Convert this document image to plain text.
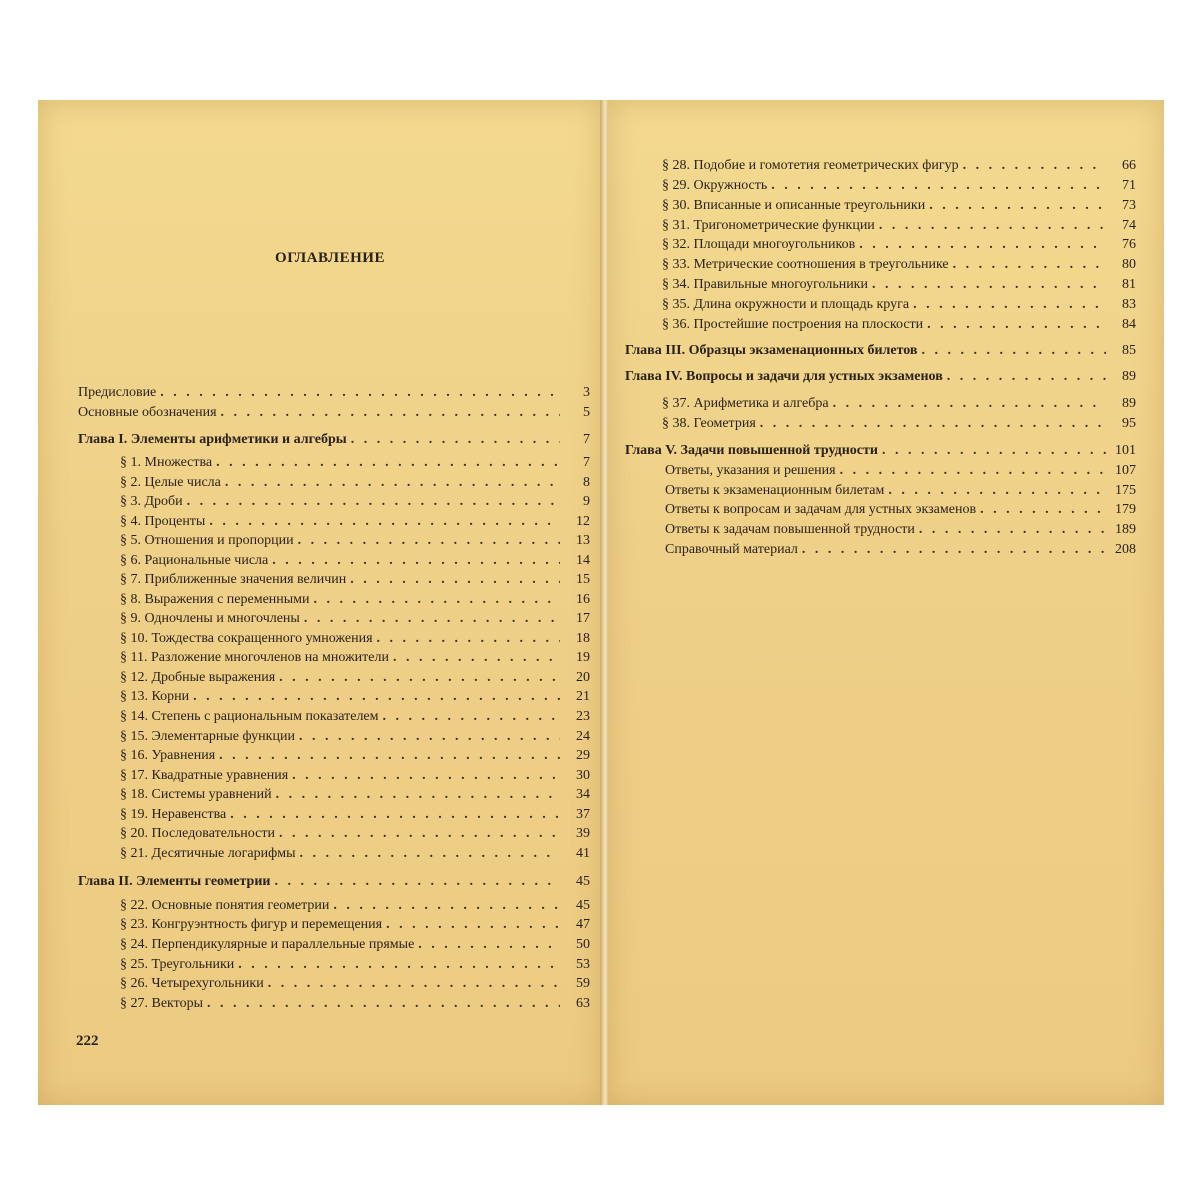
ОГЛАВЛЕНИЕ
Предисловие . . .	3
Основные обозначения . . .	5
Глава I. Элементы арифметики и алгебры . . .	7
§ 1. Множества . . .	7
§ 2. Целые числа . . .	8
§ 3. Дроби . . .	9
§ 4. Проценты . . .	12
§ 5. Отношения и пропорции . . .	13
§ 6. Рациональные числа . . .	14
§ 7. Приближенные значения величин . . .	15
§ 8. Выражения с переменными . . .	16
§ 9. Одночлены и многочлены . . .	17
§ 10. Тождества сокращенного умножения . . .	18
§ 11. Разложение многочленов на множители . . .	19
§ 12. Дробные выражения . . .	20
§ 13. Корни . . .	21
§ 14. Степень с рациональным показателем . . .	23
§ 15. Элементарные функции . . .	24
§ 16. Уравнения . . .	29
§ 17. Квадратные уравнения . . .	30
§ 18. Системы уравнений . . .	34
§ 19. Неравенства . . .	37
§ 20. Последовательности . . .	39
§ 21. Десятичные логарифмы . . .	41
Глава II. Элементы геометрии . . .	45
§ 22. Основные понятия геометрии . . .	45
§ 23. Конгруэнтность фигур и перемещения . . .	47
§ 24. Перпендикулярные и параллельные прямые . . .	50
§ 25. Треугольники . . .	53
§ 26. Четырехугольники . . .	59
§ 27. Векторы . . .	63
§ 28. Подобие и гомотетия геометрических фигур . . .	66
§ 29. Окружность . . .	71
§ 30. Вписанные и описанные треугольники . . .	73
§ 31. Тригонометрические функции . . .	74
§ 32. Площади многоугольников . . .	76
§ 33. Метрические соотношения в треугольнике . . .	80
§ 34. Правильные многоугольники . . .	81
§ 35. Длина окружности и площадь круга . . .	83
§ 36. Простейшие построения на плоскости . . .	84
Глава III. Образцы экзаменационных билетов . . .	85
Глава IV. Вопросы и задачи для устных экзаменов . . .	89
§ 37. Арифметика и алгебра . . .	89
§ 38. Геометрия . . .	95
Глава V. Задачи повышенной трудности . . .	101
Ответы, указания и решения . . .	107
Ответы к экзаменационным билетам . . .	175
Ответы к вопросам и задачам для устных экзаменов . . .	179
Ответы к задачам повышенной трудности . . .	189
Справочный материал . . .	208
222
